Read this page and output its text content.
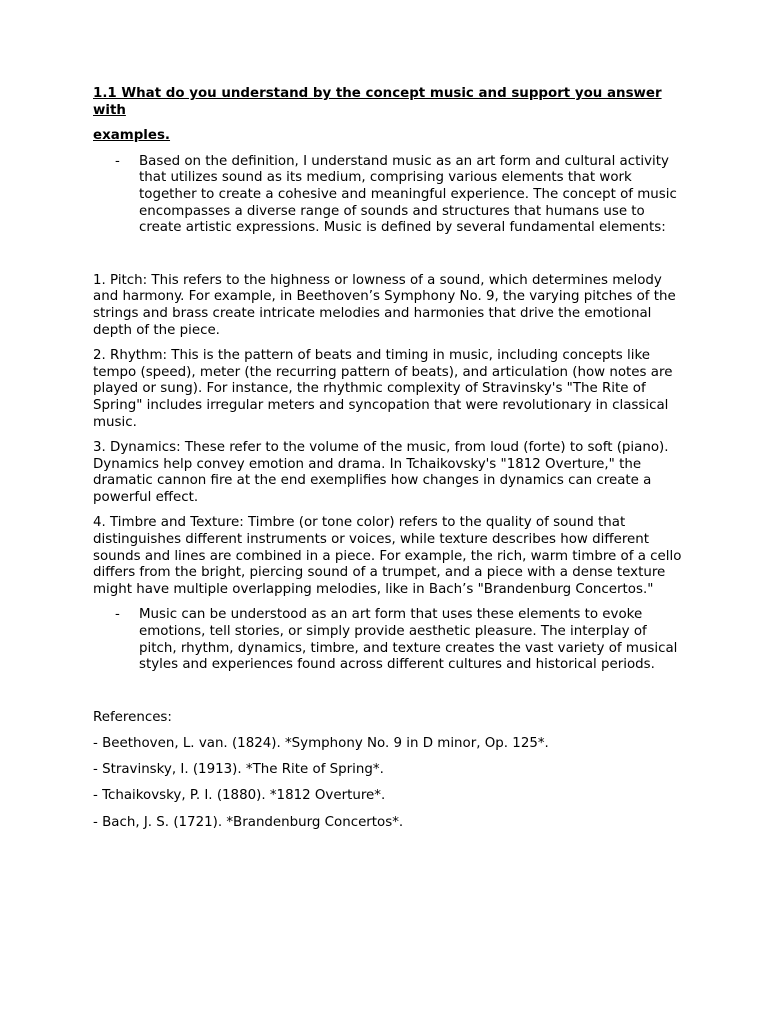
1.1 What do you understand by the concept music and support you answer with

examples.

- Based on the definition, I understand music as an art form and cultural activity that utilizes sound as its medium, comprising various elements that work together to create a cohesive and meaningful experience. The concept of music encompasses a diverse range of sounds and structures that humans use to create artistic expressions. Music is defined by several fundamental elements:

1. Pitch: This refers to the highness or lowness of a sound, which determines melody and harmony. For example, in Beethoven’s Symphony No. 9, the varying pitches of the strings and brass create intricate melodies and harmonies that drive the emotional depth of the piece.

2. Rhythm: This is the pattern of beats and timing in music, including concepts like tempo (speed), meter (the recurring pattern of beats), and articulation (how notes are played or sung). For instance, the rhythmic complexity of Stravinsky's "The Rite of Spring" includes irregular meters and syncopation that were revolutionary in classical music.

3. Dynamics: These refer to the volume of the music, from loud (forte) to soft (piano). Dynamics help convey emotion and drama. In Tchaikovsky's "1812 Overture," the dramatic cannon fire at the end exemplifies how changes in dynamics can create a powerful effect.

4. Timbre and Texture: Timbre (or tone color) refers to the quality of sound that distinguishes different instruments or voices, while texture describes how different sounds and lines are combined in a piece. For example, the rich, warm timbre of a cello differs from the bright, piercing sound of a trumpet, and a piece with a dense texture might have multiple overlapping melodies, like in Bach’s "Brandenburg Concertos."

- Music can be understood as an art form that uses these elements to evoke emotions, tell stories, or simply provide aesthetic pleasure. The interplay of pitch, rhythm, dynamics, timbre, and texture creates the vast variety of musical styles and experiences found across different cultures and historical periods.

References:

- Beethoven, L. van. (1824). *Symphony No. 9 in D minor, Op. 125*.

- Stravinsky, I. (1913). *The Rite of Spring*.

- Tchaikovsky, P. I. (1880). *1812 Overture*.

- Bach, J. S. (1721). *Brandenburg Concertos*.
